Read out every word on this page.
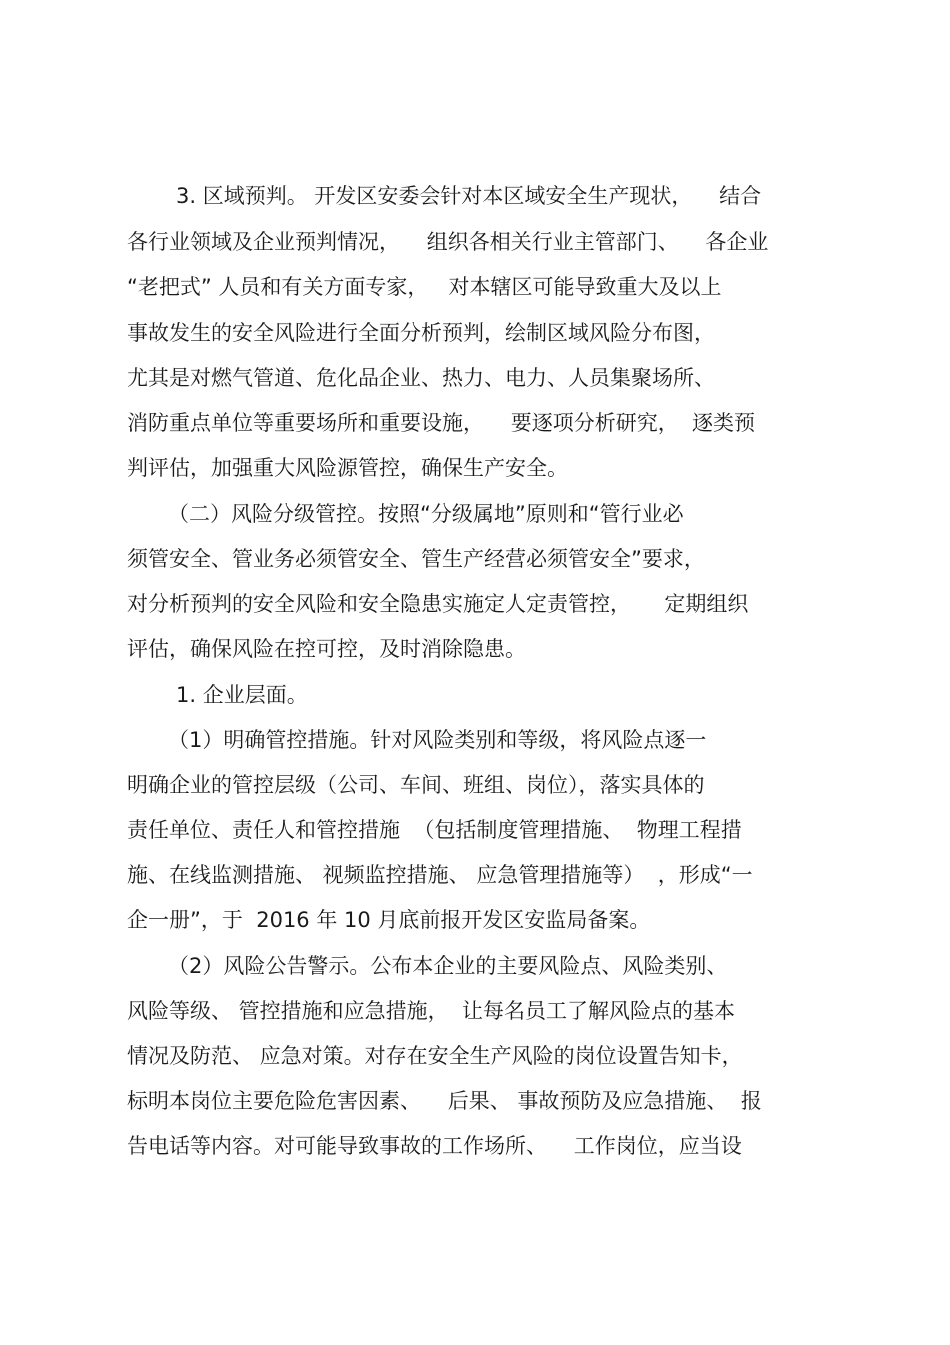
3. 区域预判。 开发区安委会针对本区域安全生产现状，    结合
各行业领域及企业预判情况，    组织各相关行业主管部门、    各企业
“老把式” 人员和有关方面专家，   对本辖区可能导致重大及以上
事故发生的安全风险进行全面分析预判，绘制区域风险分布图，
尤其是对燃气管道、危化品企业、热力、电力、人员集聚场所、
消防重点单位等重要场所和重要设施，    要逐项分析研究，  逐类预
判评估，加强重大风险源管控，确保生产安全。
（二）风险分级管控。按照“分级属地”原则和“管行业必
须管安全、管业务必须管安全、管生产经营必须管安全”要求，
对分析预判的安全风险和安全隐患实施定人定责管控，     定期组织
评估，确保风险在控可控，及时消除隐患。
1. 企业层面。
（1）明确管控措施。针对风险类别和等级，将风险点逐一
明确企业的管控层级（公司、车间、班组、岗位），落实具体的
责任单位、责任人和管控措施  （包括制度管理措施、  物理工程措
施、在线监测措施、 视频监控措施、 应急管理措施等）  ，形成“一
企一册”，于  2016 年 10 月底前报开发区安监局备案。
（2）风险公告警示。公布本企业的主要风险点、风险类别、
风险等级、 管控措施和应急措施，  让每名员工了解风险点的基本
情况及防范、 应急对策。对存在安全生产风险的岗位设置告知卡，
标明本岗位主要危险危害因素、    后果、 事故预防及应急措施、  报
告电话等内容。对可能导致事故的工作场所、    工作岗位，应当设
